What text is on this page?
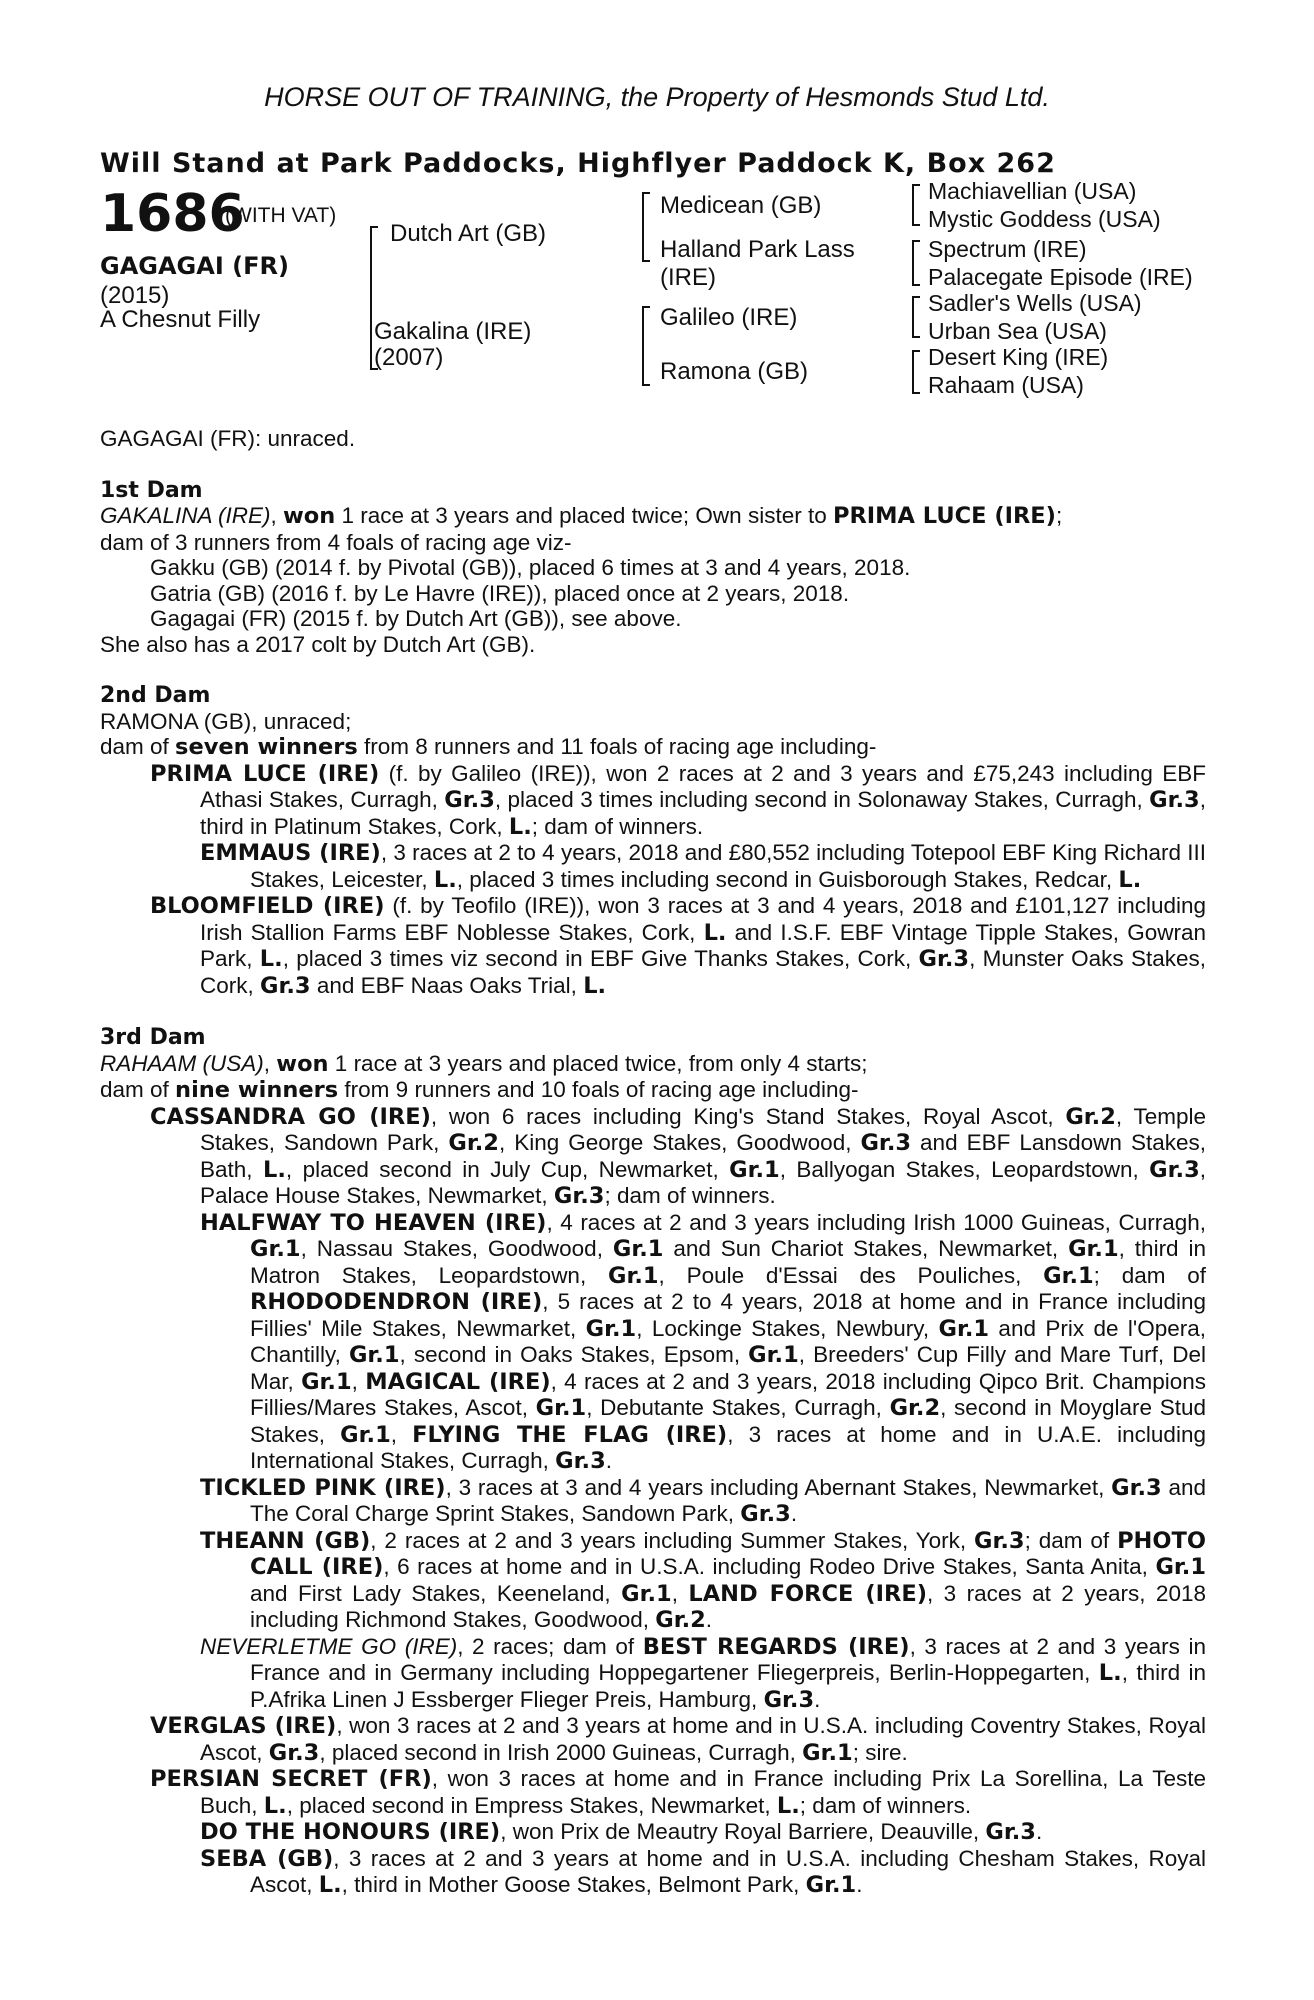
HORSE OUT OF TRAINING, the Property of Hesmonds Stud Ltd.
Will Stand at Park Paddocks, Highflyer Paddock K, Box 262
1686
(WITH VAT)
GAGAGAI (FR)
(2015)
A Chesnut Filly
Dutch Art (GB)
Gakalina (IRE)
(2007)
Medicean (GB)
Halland Park Lass
(IRE)
Galileo (IRE)
Ramona (GB)
Machiavellian (USA)
Mystic Goddess (USA)
Spectrum (IRE)
Palacegate Episode (IRE)
Sadler's Wells (USA)
Urban Sea (USA)
Desert King (IRE)
Rahaam (USA)

GAGAGAI (FR): unraced.

1st Dam

GAKALINA (IRE), won 1 race at 3 years and placed twice; Own sister to PRIMA LUCE (IRE);

dam of 3 runners from 4 foals of racing age viz-

Gakku (GB) (2014 f. by Pivotal (GB)), placed 6 times at 3 and 4 years, 2018.

Gatria (GB) (2016 f. by Le Havre (IRE)), placed once at 2 years, 2018.

Gagagai (FR) (2015 f. by Dutch Art (GB)), see above.

She also has a 2017 colt by Dutch Art (GB).

2nd Dam

RAMONA (GB), unraced;

dam of seven winners from 8 runners and 11 foals of racing age including-

PRIMA LUCE (IRE) (f. by Galileo (IRE)), won 2 races at 2 and 3 years and £75,243 including EBF Athasi Stakes, Curragh, Gr.3, placed 3 times including second in Solonaway Stakes, Curragh, Gr.3, third in Platinum Stakes, Cork, L.; dam of winners.

EMMAUS (IRE), 3 races at 2 to 4 years, 2018 and £80,552 including Totepool EBF King Richard III Stakes, Leicester, L., placed 3 times including second in Guisborough Stakes, Redcar, L.

BLOOMFIELD (IRE) (f. by Teofilo (IRE)), won 3 races at 3 and 4 years, 2018 and £101,127 including Irish Stallion Farms EBF Noblesse Stakes, Cork, L. and I.S.F. EBF Vintage Tipple Stakes, Gowran Park, L., placed 3 times viz second in EBF Give Thanks Stakes, Cork, Gr.3, Munster Oaks Stakes, Cork, Gr.3 and EBF Naas Oaks Trial, L.

3rd Dam

RAHAAM (USA), won 1 race at 3 years and placed twice, from only 4 starts;

dam of nine winners from 9 runners and 10 foals of racing age including-

CASSANDRA GO (IRE), won 6 races including King's Stand Stakes, Royal Ascot, Gr.2, Temple Stakes, Sandown Park, Gr.2, King George Stakes, Goodwood, Gr.3 and EBF Lansdown Stakes, Bath, L., placed second in July Cup, Newmarket, Gr.1, Ballyogan Stakes, Leopardstown, Gr.3, Palace House Stakes, Newmarket, Gr.3; dam of winners.

HALFWAY TO HEAVEN (IRE), 4 races at 2 and 3 years including Irish 1000 Guineas, Curragh, Gr.1, Nassau Stakes, Goodwood, Gr.1 and Sun Chariot Stakes, Newmarket, Gr.1, third in Matron Stakes, Leopardstown, Gr.1, Poule d'Essai des Pouliches, Gr.1; dam of RHODODENDRON (IRE), 5 races at 2 to 4 years, 2018 at home and in France including Fillies' Mile Stakes, Newmarket, Gr.1, Lockinge Stakes, Newbury, Gr.1 and Prix de l'Opera, Chantilly, Gr.1, second in Oaks Stakes, Epsom, Gr.1, Breeders' Cup Filly and Mare Turf, Del Mar, Gr.1, MAGICAL (IRE), 4 races at 2 and 3 years, 2018 including Qipco Brit. Champions Fillies/Mares Stakes, Ascot, Gr.1, Debutante Stakes, Curragh, Gr.2, second in Moyglare Stud Stakes, Gr.1, FLYING THE FLAG (IRE), 3 races at home and in U.A.E. including International Stakes, Curragh, Gr.3.

TICKLED PINK (IRE), 3 races at 3 and 4 years including Abernant Stakes, Newmarket, Gr.3 and The Coral Charge Sprint Stakes, Sandown Park, Gr.3.

THEANN (GB), 2 races at 2 and 3 years including Summer Stakes, York, Gr.3; dam of PHOTO CALL (IRE), 6 races at home and in U.S.A. including Rodeo Drive Stakes, Santa Anita, Gr.1 and First Lady Stakes, Keeneland, Gr.1, LAND FORCE (IRE), 3 races at 2 years, 2018 including Richmond Stakes, Goodwood, Gr.2.

NEVERLETME GO (IRE), 2 races; dam of BEST REGARDS (IRE), 3 races at 2 and 3 years in France and in Germany including Hoppegartener Fliegerpreis, Berlin-Hoppegarten, L., third in P.Afrika Linen J Essberger Flieger Preis, Hamburg, Gr.3.

VERGLAS (IRE), won 3 races at 2 and 3 years at home and in U.S.A. including Coventry Stakes, Royal Ascot, Gr.3, placed second in Irish 2000 Guineas, Curragh, Gr.1; sire.

PERSIAN SECRET (FR), won 3 races at home and in France including Prix La Sorellina, La Teste Buch, L., placed second in Empress Stakes, Newmarket, L.; dam of winners.

DO THE HONOURS (IRE), won Prix de Meautry Royal Barriere, Deauville, Gr.3.

SEBA (GB), 3 races at 2 and 3 years at home and in U.S.A. including Chesham Stakes, Royal Ascot, L., third in Mother Goose Stakes, Belmont Park, Gr.1.
